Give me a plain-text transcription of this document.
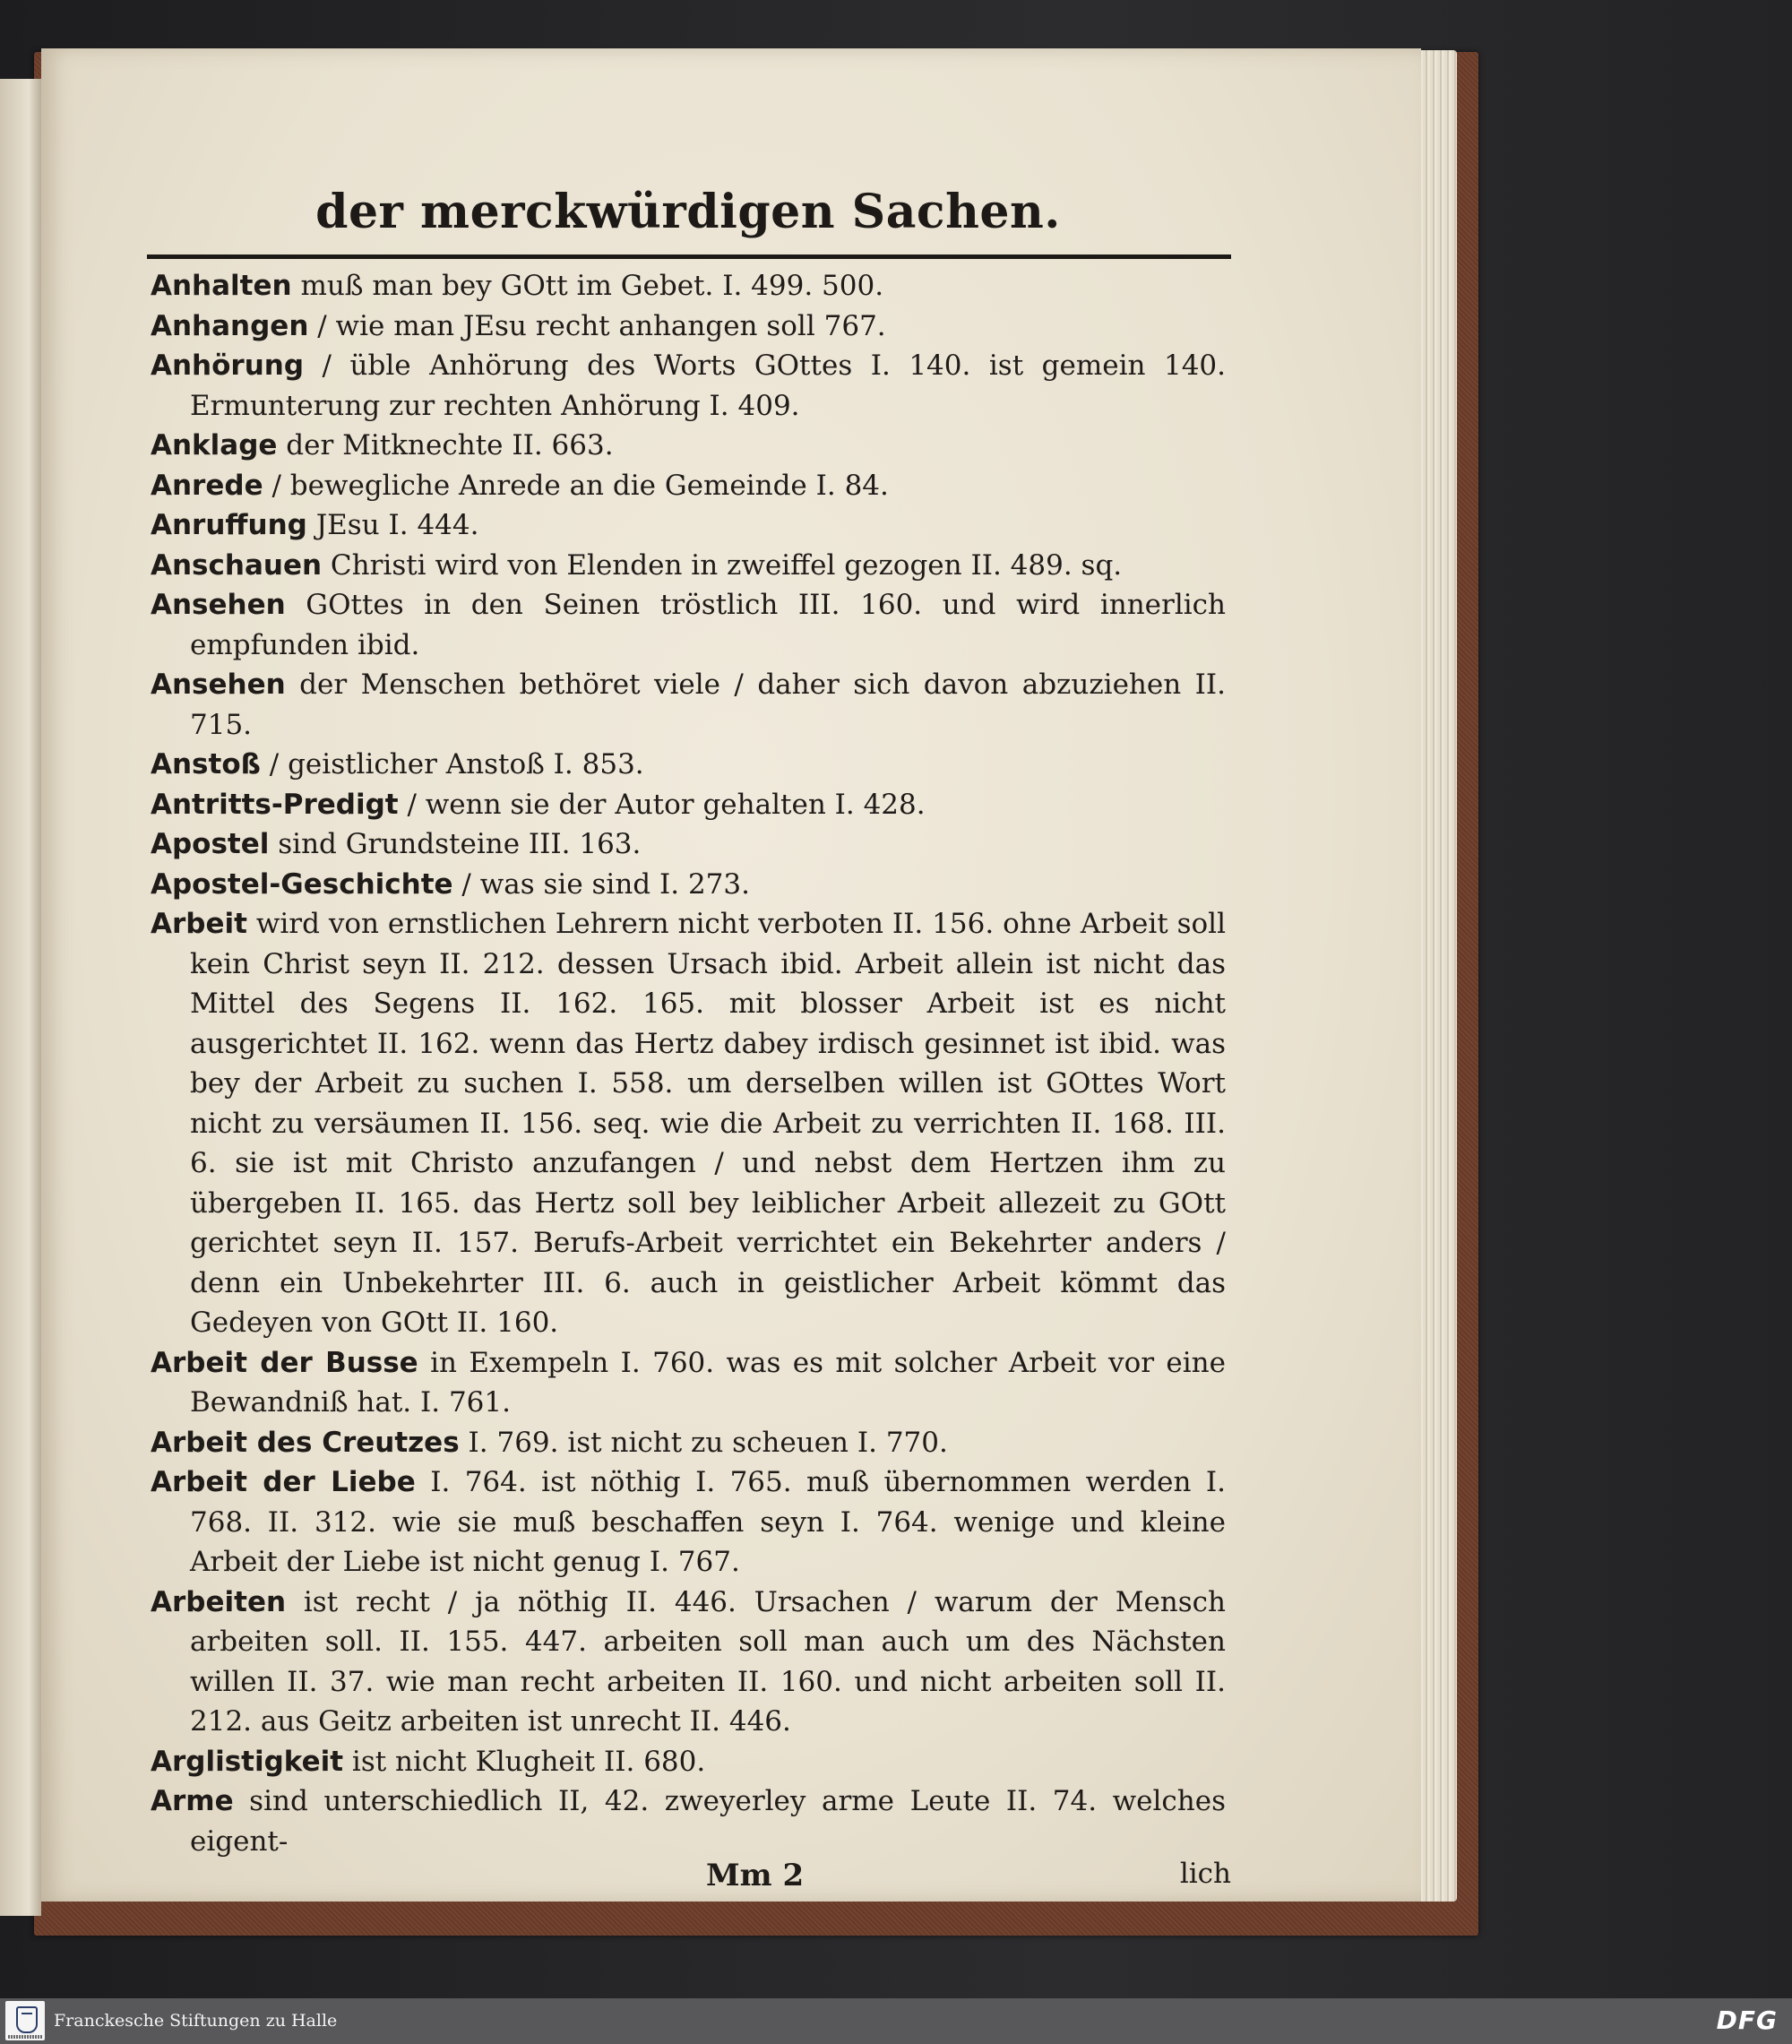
der merckwürdigen Sachen.

Anhalten muß man bey GOtt im Gebet. I. 499. 500.

Anhangen / wie man JEsu recht anhangen soll 767.

Anhörung / üble Anhörung des Worts GOttes I. 140. ist gemein 140. Ermunterung zur rechten Anhörung I. 409.

Anklage der Mitknechte II. 663.

Anrede / bewegliche Anrede an die Gemeinde I. 84.

Anruffung JEsu I. 444.

Anschauen Christi wird von Elenden in zweiffel gezogen II. 489. sq.

Ansehen GOttes in den Seinen tröstlich III. 160. und wird innerlich empfunden ibid.

Ansehen der Menschen bethöret viele / daher sich davon abzuziehen II. 715.

Anstoß / geistlicher Anstoß I. 853.

Antritts-Predigt / wenn sie der Autor gehalten I. 428.

Apostel sind Grundsteine III. 163.

Apostel-Geschichte / was sie sind I. 273.

Arbeit wird von ernstlichen Lehrern nicht verboten II. 156. ohne Arbeit soll kein Christ seyn II. 212. dessen Ursach ibid. Arbeit allein ist nicht das Mittel des Segens II. 162. 165. mit blosser Arbeit ist es nicht ausgerichtet II. 162. wenn das Hertz dabey irdisch gesinnet ist ibid. was bey der Arbeit zu suchen I. 558. um derselben willen ist GOttes Wort nicht zu versäumen II. 156. seq. wie die Arbeit zu verrichten II. 168. III. 6. sie ist mit Christo anzufangen / und nebst dem Hertzen ihm zu übergeben II. 165. das Hertz soll bey leiblicher Arbeit allezeit zu GOtt gerichtet seyn II. 157. Berufs-Arbeit verrichtet ein Bekehrter anders / denn ein Unbekehrter III. 6. auch in geistlicher Arbeit kömmt das Gedeyen von GOtt II. 160.

Arbeit der Busse in Exempeln I. 760. was es mit solcher Arbeit vor eine Bewandniß hat. I. 761.

Arbeit des Creutzes I. 769. ist nicht zu scheuen I. 770.

Arbeit der Liebe I. 764. ist nöthig I. 765. muß übernommen werden I. 768. II. 312. wie sie muß beschaffen seyn I. 764. wenige und kleine Arbeit der Liebe ist nicht genug I. 767.

Arbeiten ist recht / ja nöthig II. 446. Ursachen / warum der Mensch arbeiten soll. II. 155. 447. arbeiten soll man auch um des Nächsten willen II. 37. wie man recht arbeiten II. 160. und nicht arbeiten soll II. 212. aus Geitz arbeiten ist unrecht II. 446.

Arglistigkeit ist nicht Klugheit II. 680.

Arme sind unterschiedlich II, 42. zweyerley arme Leute II. 74. welches eigent-

Mm 2	lich
Franckesche Stiftungen zu Halle	DFG
